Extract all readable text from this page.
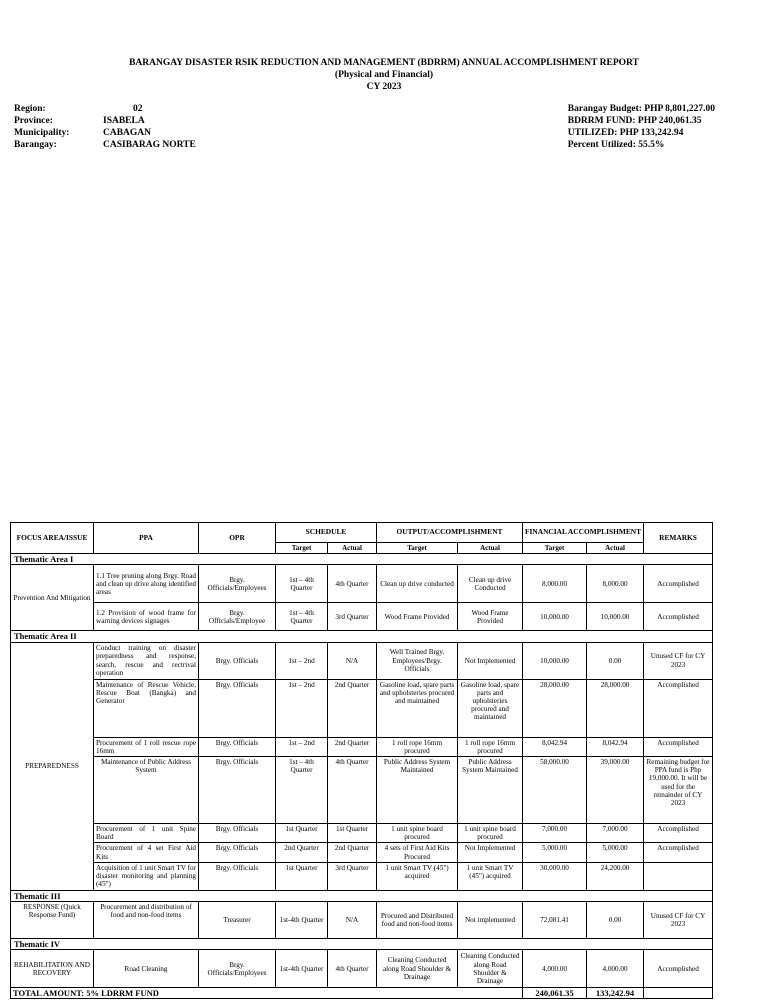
BARANGAY DISASTER RSIK REDUCTION AND MANAGEMENT (BDRRM) ANNUAL ACCOMPLISHMENT REPORT
(Physical and Financial)
CY 2023
Region:	02
Province:	ISABELA
Municipality:	CABAGAN
Barangay:	CASIBARAG NORTE
Barangay Budget: PHP 8,801,227.00
BDRRM FUND: PHP 240,061.35
UTILIZED: PHP 133,242.94
Percent Utilized: 55.5%
FOCUS AREA/ISSUE	PPA	OPR	SCHEDULE		OUTPUT/ACCOMPLISHMENT		FINANCIAL ACCOMPLISHMENT		REMARKS
			Target	Actual	Target	Actual	Target	Actual	
Thematic Area I									
Prevention And Mitigation	1.1 Tree pruning along Brgy. Road and clean up drive along identified areas	Brgy. Officials/Employees	1st – 4th Quarter	4th Quarter	Clean up drive conducted	Clean up drive Conducted	8,000.00	8,000.00	Accomplished
	1.2 Provision of wood frame for warning devices signages	Brgy. Officials/Employee	1st – 4th Quarter	3rd Quarter	Wood Frame Provided	Wood Frame Provided	10,000.00	10,000.00	Accomplished
Thematic Area II									
PREPAREDNESS	Conduct training on disaster preparedness and response, search, rescue and rectrival operation	Brgy. Officials	1st – 2nd	N/A	Well Trained Brgy. Employees/Brgy. Officials	Not Implemented	10,000.00	0.00	Unused CF for CY 2023
	Maintenance of Rescue Vehicle, Rescue Boat (Bangka) and Generator	Brgy. Officials	1st – 2nd	2nd Quarter	Gasoline load, spare parts and upholsteries procured and maintained	Gasoline load, spare parts and upholsteries procured and maintained	28,000.00	28,000.00	Accomplished
	Procurement of 1 roll rescue rope 16mm	Brgy. Officials	1st – 2nd	2nd Quarter	1 roll rope 16mm procured	1 roll rope 16mm procured	8,042.94	8,042.94	Accomplished
	Maintenance of Public Address System	Brgy. Officials	1st – 4th Quarter	4th Quarter	Public Address System Maintained	Public Address System Maintained	58,000.00	39,000.00	Remaining budget for PPA fund is Php 19,000.00. It will be used for the remainder of CY 2023
	Procurement of 1 unit Spine Board	Brgy. Officials	1st Quarter	1st Quarter	1 unit spine board procured	1 unit spine board procured	7,000.00	7,000.00	Accomplished
	Procurement of 4 set First Aid Kits	Brgy. Officials	2nd Quarter	2nd Quarter	4 sets of First Aid Kits Procured	Not Implemented	5,000.00	5,000.00	Accomplished
	Acquisition of 1 unit Smart TV for disaster monitoring and planning (45")	Brgy. Officials	1st Quarter	3rd Quarter	1 unit Smart TV (45") acquired	1 unit Smart TV (45") acquired	30,000.00	24,200.00	
Thematic III									
RESPONSE (Quick Response Fund)	Procurement and distribution of food and non-food items	Treasurer	1st-4th Quarter	N/A	Procured and Distributed food and non-food items	Not implemented	72,081.41	0.00	Unused CF for CY 2023
Thematic IV									
REHABILITATION AND RECOVERY	Road Cleaning	Brgy. Officials/Employees	1st-4th Quarter	4th Quarter	Cleaning Conducted along Road Shoulder & Drainage	Cleaning Conducted along Road Shoulder & Drainage	4,000.00	4,000.00	Accomplished
TOTAL AMOUNT: 5% LDRRM FUND							240,061.35	133,242.94	
